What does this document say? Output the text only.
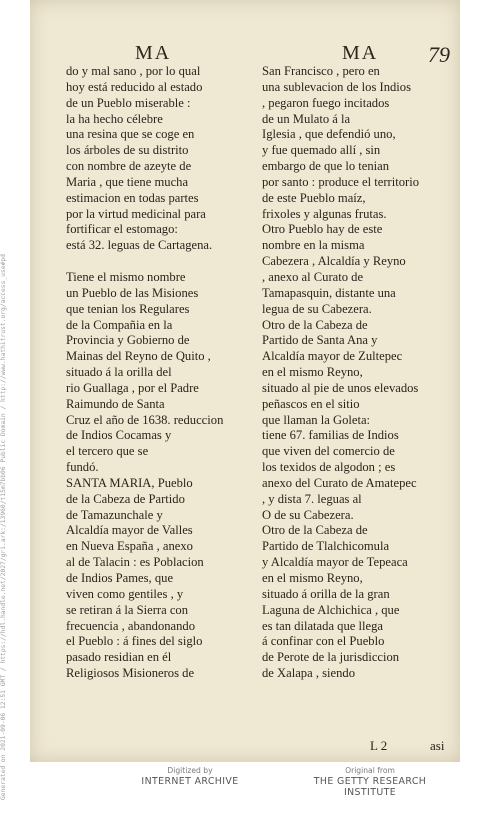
Generated on 2021-09-06 12:51 GMT / https://hdl.handle.net/2027/gri.ark:/13960/t15m7bb06 Public Domain / http://www.hathitrust.org/access_use#pd
MA	MA 79
do y mal sano , por lo qual
hoy está reducido al estado
de un Pueblo miserable :
la ha hecho célebre
una resina que se coge en
los árboles de su distrito
con nombre de azeyte de
Maria , que tiene mucha
estimacion en todas partes
por la virtud medicinal para
fortificar el estomago:
está 32. leguas de Cartagena.

Tiene el mismo nombre
un Pueblo de las Misiones
que tenian los Regulares
de la Compañia en la
Provincia y Gobierno de
Mainas del Reyno de Quito ,
situado á la orilla del
rio Guallaga , por el Padre
Raimundo de Santa
Cruz el año de 1638. reduccion
de Indios Cocamas y
el tercero que se
fundó.
SANTA MARIA, Pueblo
de la Cabeza de Partido
de Tamazunchale y
Alcaldía mayor de Valles
en Nueva España , anexo
al de Talacin : es Poblacion
de Indios Pames, que
viven como gentiles , y
se retiran á la Sierra con
frecuencia , abandonando
el Pueblo : á fines del siglo
pasado residian en él
Religiosos Misioneros de
San Francisco , pero en
una sublevacion de los Indios
, pegaron fuego incitados
de un Mulato á la
Iglesia , que defendió uno,
y fue quemado allí , sin
embargo de que lo tenian
por santo : produce el territorio
de este Pueblo maíz,
frixoles y algunas frutas.
Otro Pueblo hay de este
nombre en la misma
Cabezera , Alcaldía y Reyno
, anexo al Curato de
Tamapasquin, distante una
legua de su Cabezera.
Otro de la Cabeza de
Partido de Santa Ana y
Alcaldía mayor de Zultepec
en el mismo Reyno,
situado al pie de unos elevados
peñascos en el sitio
que llaman la Goleta:
tiene 67. familias de Indios
que viven del comercio de
los texidos de algodon ; es
anexo del Curato de Amatepec
, y dista 7. leguas al
O de su Cabezera.
Otro de la Cabeza de
Partido de Tlalchicomula
y Alcaldía mayor de Tepeaca
en el mismo Reyno,
situado á orilla de la gran
Laguna de Alchichica , que
es tan dilatada que llega
á confinar con el Pueblo
de Perote de la jurisdiccion
de Xalapa , siendo
L 2	asi
Digitized by
INTERNET ARCHIVE
Original from
THE GETTY RESEARCH INSTITUTE
